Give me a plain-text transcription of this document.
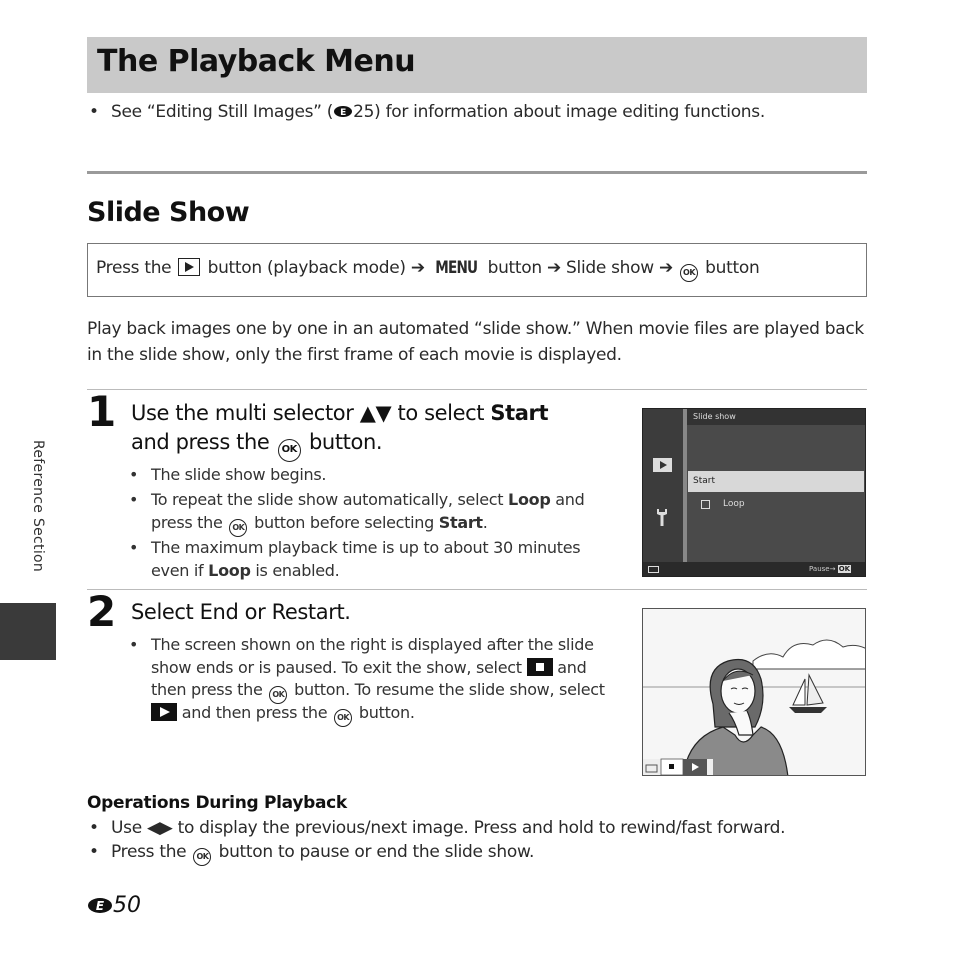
The Playback Menu
• See “Editing Still Images” ( E 25) for information about image editing functions.
Slide Show
Press the button (playback mode) ➔ MENU button ➔ Slide show ➔ OK button
Play back images one by one in an automated “slide show.” When movie files are played back
in the slide show, only the first frame of each movie is displayed.
1 Use the multi selector ▲▼ to select Start
and press the OK button.
• The slide show begins.
• To repeat the slide show automatically, select Loop and
press the OK button before selecting Start.
• The maximum playback time is up to about 30 minutes
even if Loop is enabled.
Slide show
Start
Loop
Pause→ OK
2 Select End or Restart.
• The screen shown on the right is displayed after the slide
show ends or is paused. To exit the show, select and
then press the OK button. To resume the slide show, select
and then press the OK button.
Operations During Playback
• Use ◀▶ to display the previous/next image. Press and hold to rewind/fast forward.
• Press the OK button to pause or end the slide show.
Reference Section
E 50
